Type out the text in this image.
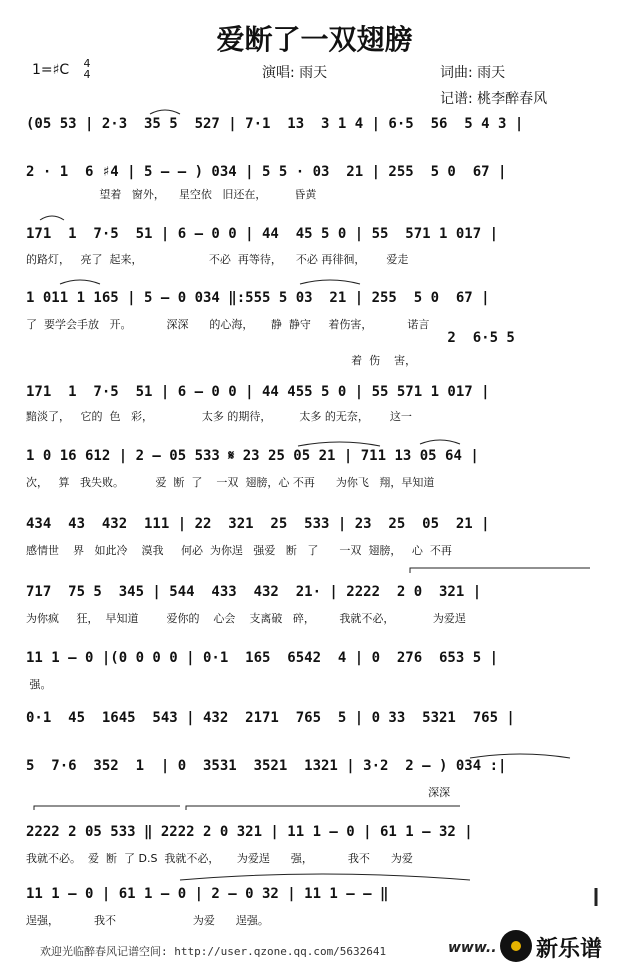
爱断了一双翅膀
1=♯C 4
4	演唱: 雨天	词曲: 雨天
记谱: 桃李醉春风
(05 53 | 2·3  35 5  527 | 7·1  13  3 1 4 | 6·5  56  5 4 3 |
2 · 1  6 ♯4 | 5 – – ) 034 | 5 5 · 03  21 | 255  5 0  67 |
望着   窗外，    星空依   旧还在，        昏黄
171  1  7·5  51 | 6 – 0 0 | 44  45 5 0 | 55  571 1 017 |
的路灯，   亮了  起来，                   不必  再等待，    不必 再徘徊，      爱走
1 011 1 165 | 5 – 0 034 ‖:555 5 03  21 | 255  5 0  67 |
了  要学会手放   开。          深深      的心海，     静  静守     着伤害，          诺言
2  6·5 5
着  伤    害，
171  1  7·5  51 | 6 – 0 0 | 44 455 5 0 | 55 571 1 017 |
黯淡了，   它的  色   彩，              太多 的期待，        太多 的无奈，      这一
1 0 16 612 | 2 – 05 533 𝄋 23 25 05 21 | 711 13 05 64 |
次，   算   我失败。         爱  断  了    一双  翅膀，心 不再      为你飞   翔，早知道
434  43  432  111 | 22  321  25  533 | 23  25  05  21 |
感情世    界   如此冷    漠我     何必  为你逞   强爱   断   了      一双  翅膀，   心  不再
717  75 5  345 | 544  433  432  21· | 2222  2 0  321 |
为你疯     狂，  早知道        爱你的    心会    支离破   碎，       我就不必，           为爱逞
11 1 – 0 |(0 0 0 0 | 0·1  165  6542  4 | 0  276  653 5 |
强。
0·1  45  1645  543 | 432  2171  765  5 | 0 33  5321  765 |
5  7·6  352  1  | 0  3531  3521  1321 | 3·2  2 – ) 034 :|
深深
2222 2 05 533 ‖ 2222 2 0 321 | 11 1 – 0 | 61 1 – 32 |
我就不必。  爱  断  了 D.S  我就不必，     为爱逞      强，          我不      为爱
11 1 – 0 | 61 1 – 0 | 2 – 0 32 | 11 1 – – ‖
逞强，          我不                      为爱      逞强。
欢迎光临醉春风记谱空间: http://user.qzone.qq.com/5632641	www.. 新乐谱
